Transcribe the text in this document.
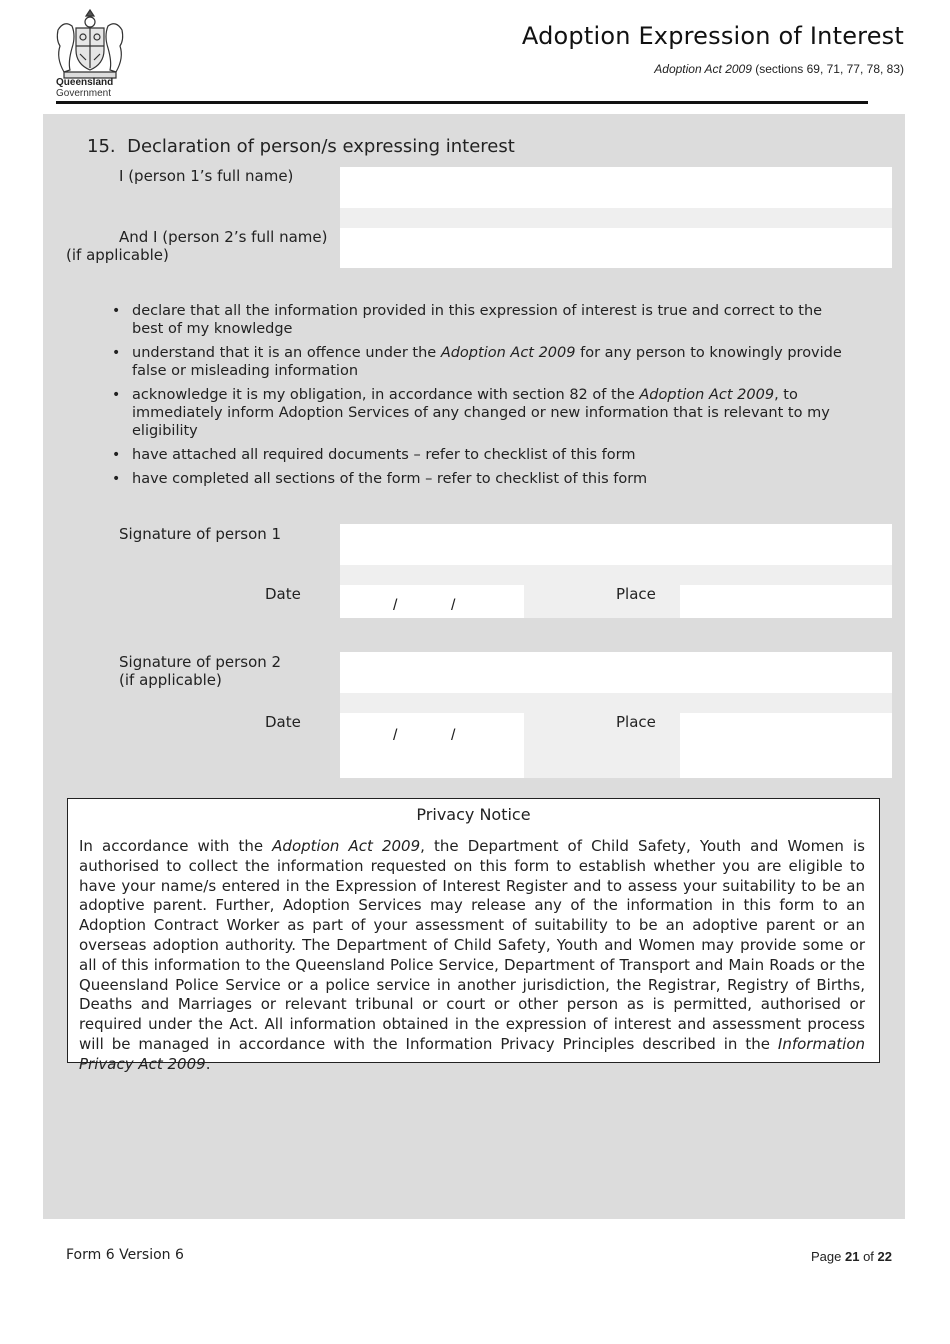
Queensland
Government
Adoption Expression of Interest
Adoption Act 2009 (sections 69, 71, 77, 78, 83)
15. Declaration of person/s expressing interest
I (person 1’s full name)
And I (person 2’s full name)
(if applicable)
• declare that all the information provided in this expression of interest is true and correct to the best of my knowledge
• understand that it is an offence under the Adoption Act 2009 for any person to knowingly provide false or misleading information
• acknowledge it is my obligation, in accordance with section 82 of the Adoption Act 2009, to immediately inform Adoption Services of any changed or new information that is relevant to my eligibility
• have attached all required documents – refer to checklist of this form
• have completed all sections of the form – refer to checklist of this form
Signature of person 1
Date
/	/
Place
Signature of person 2
(if applicable)
Date
/	/
Place
Privacy Notice
In accordance with the Adoption Act 2009, the Department of Child Safety, Youth and Women is authorised to collect the information requested on this form to establish whether you are eligible to have your name/s entered in the Expression of Interest Register and to assess your suitability to be an adoptive parent. Further, Adoption Services may release any of the information in this form to an Adoption Contract Worker as part of your assessment of suitability to be an adoptive parent or an overseas adoption authority. The Department of Child Safety, Youth and Women may provide some or all of this information to the Queensland Police Service, Department of Transport and Main Roads or the Queensland Police Service or a police service in another jurisdiction, the Registrar, Registry of Births, Deaths and Marriages or relevant tribunal or court or other person as is permitted, authorised or required under the Act. All information obtained in the expression of interest and assessment process will be managed in accordance with the Information Privacy Principles described in the Information Privacy Act 2009.
Form 6 Version 6	Page 21 of 22
